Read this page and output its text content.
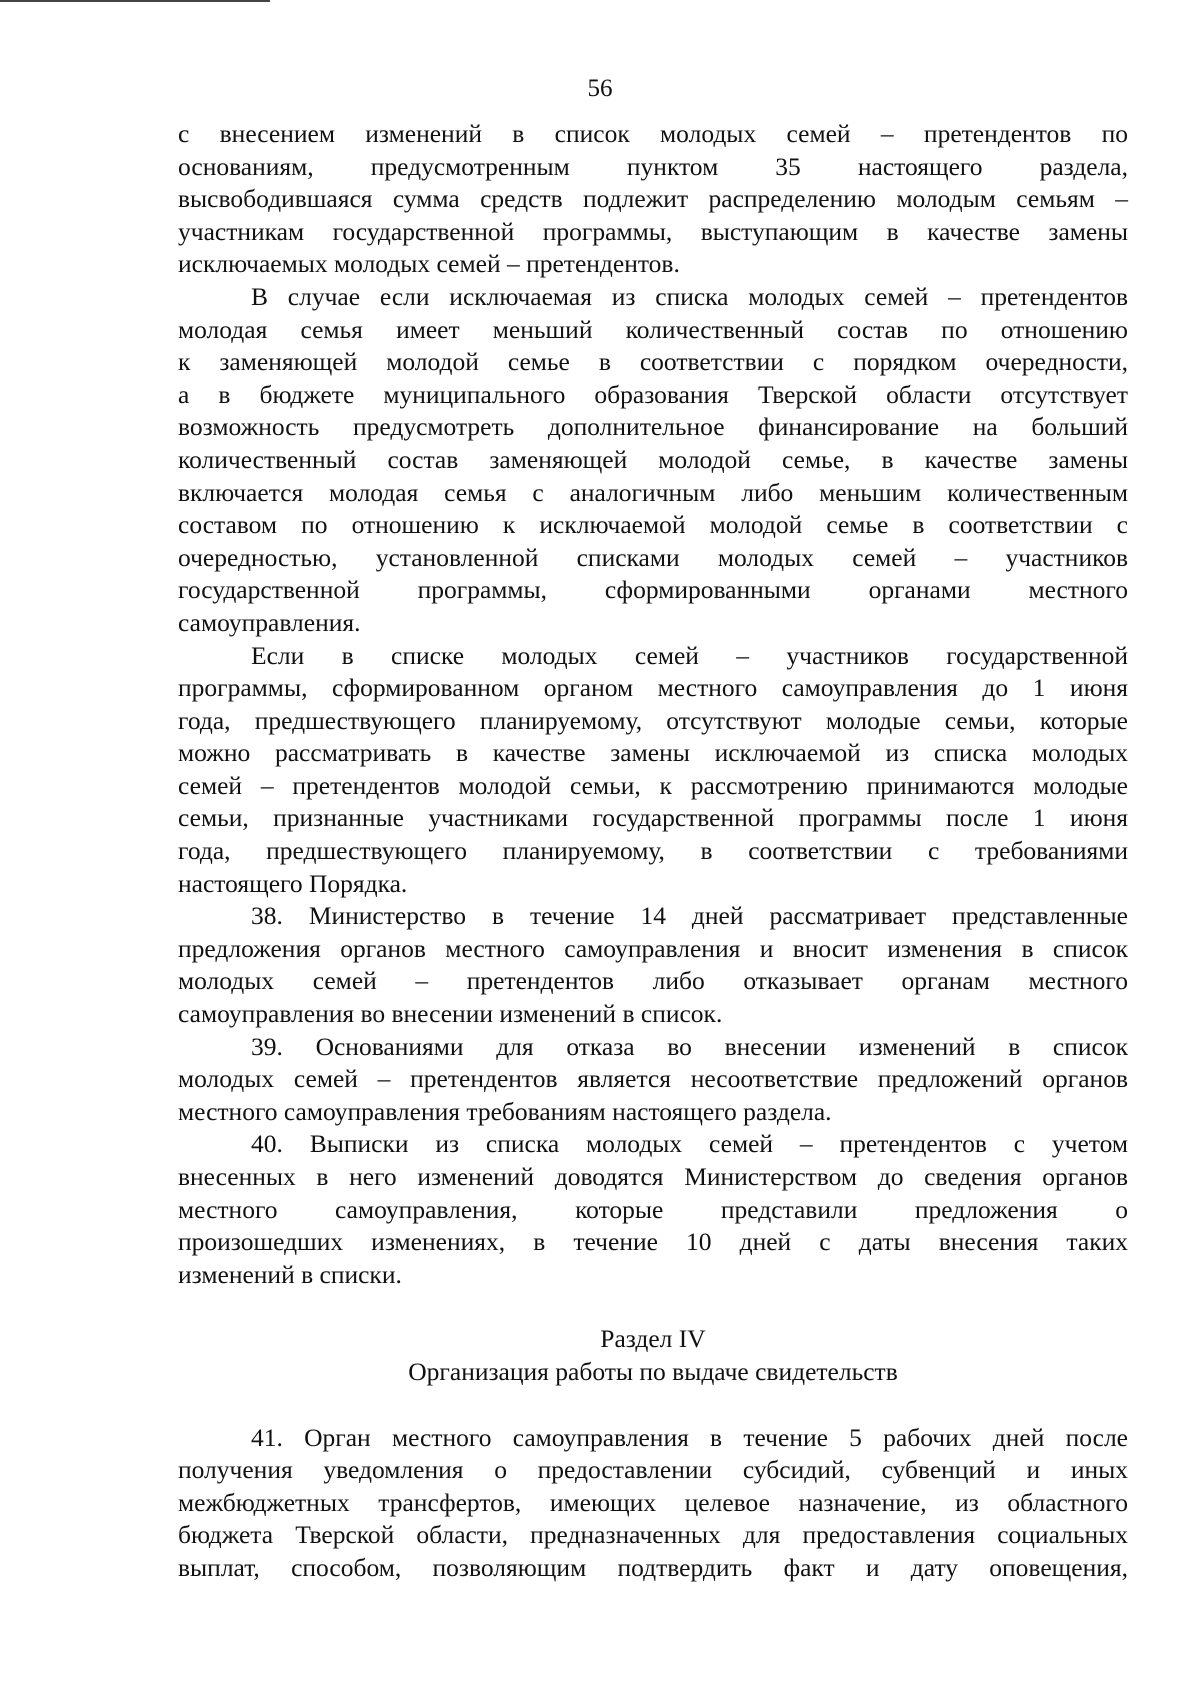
56
с внесением изменений в список молодых семей – претендентов по
основаниям, предусмотренным пунктом 35 настоящего раздела,
высвободившаяся сумма средств подлежит распределению молодым семьям –
участникам государственной программы, выступающим в качестве замены
исключаемых молодых семей – претендентов.
В случае если исключаемая из списка молодых семей – претендентов
молодая семья имеет меньший количественный состав по отношению
к заменяющей молодой семье в соответствии с порядком очередности,
а в бюджете муниципального образования Тверской области отсутствует
возможность предусмотреть дополнительное финансирование на больший
количественный состав заменяющей молодой семье, в качестве замены
включается молодая семья с аналогичным либо меньшим количественным
составом по отношению к исключаемой молодой семье в соответствии с
очередностью, установленной списками молодых семей – участников
государственной программы, сформированными органами местного
самоуправления.
Если в списке молодых семей – участников государственной
программы, сформированном органом местного самоуправления до 1 июня
года, предшествующего планируемому, отсутствуют молодые семьи, которые
можно рассматривать в качестве замены исключаемой из списка молодых
семей – претендентов молодой семьи, к рассмотрению принимаются молодые
семьи, признанные участниками государственной программы после 1 июня
года, предшествующего планируемому, в соответствии с требованиями
настоящего Порядка.
38. Министерство в течение 14 дней рассматривает представленные
предложения органов местного самоуправления и вносит изменения в список
молодых семей – претендентов либо отказывает органам местного
самоуправления во внесении изменений в список.
39. Основаниями для отказа во внесении изменений в список
молодых семей – претендентов является несоответствие предложений органов
местного самоуправления требованиям настоящего раздела.
40. Выписки из списка молодых семей – претендентов с учетом
внесенных в него изменений доводятся Министерством до сведения органов
местного самоуправления, которые представили предложения о
произошедших изменениях, в течение 10 дней с даты внесения таких
изменений в списки.

Раздел IV

Организация работы по выдаче свидетельств

41. Орган местного самоуправления в течение 5 рабочих дней после
получения уведомления о предоставлении субсидий, субвенций и иных
межбюджетных трансфертов, имеющих целевое назначение, из областного
бюджета Тверской области, предназначенных для предоставления социальных
выплат, способом, позволяющим подтвердить факт и дату оповещения,
